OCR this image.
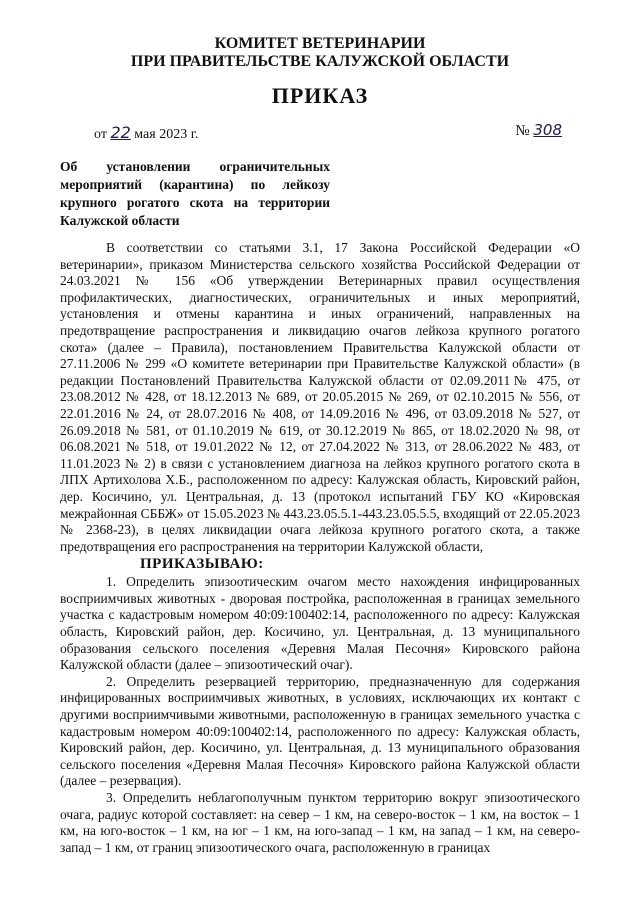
КОМИТЕТ ВЕТЕРИНАРИИ
ПРИ ПРАВИТЕЛЬСТВЕ КАЛУЖСКОЙ ОБЛАСТИ
ПРИКАЗ
от 22 мая 2023 г.	№ 308
Об установлении ограничительных мероприятий (карантина) по лейкозу крупного рогатого скота на территории Калужской области

В соответствии со статьями 3.1, 17 Закона Российской Федерации «О ветеринарии», приказом Министерства сельского хозяйства Российской Федерации от 24.03.2021 № 156 «Об утверждении Ветеринарных правил осуществления профилактических, диагностических, ограничительных и иных мероприятий, установления и отмены карантина и иных ограничений, направленных на предотвращение распространения и ликвидацию очагов лейкоза крупного рогатого скота» (далее – Правила), постановлением Правительства Калужской области от 27.11.2006 № 299 «О комитете ветеринарии при Правительстве Калужской области» (в редакции Постановлений Правительства Калужской области от 02.09.2011№ 475, от 23.08.2012 № 428, от 18.12.2013 № 689, от 20.05.2015 № 269, от 02.10.2015 № 556, от 22.01.2016 № 24, от 28.07.2016 № 408, от 14.09.2016 № 496, от 03.09.2018 № 527, от 26.09.2018 № 581, от 01.10.2019 № 619, от 30.12.2019 № 865, от 18.02.2020 № 98, от 06.08.2021 № 518, от 19.01.2022 № 12, от 27.04.2022 № 313, от 28.06.2022 № 483, от 11.01.2023 № 2) в связи с установлением диагноза на лейкоз крупного рогатого скота в ЛПХ Артихолова Х.Б., расположенном по адресу: Калужская область, Кировский район, дер. Косичино, ул. Центральная, д. 13 (протокол испытаний ГБУ КО «Кировская межрайонная СББЖ» от 15.05.2023 № 443.23.05.5.1-443.23.05.5.5, входящий от 22.05.2023 № 2368-23), в целях ликвидации очага лейкоза крупного рогатого скота, а также предотвращения его распространения на территории Калужской области,

ПРИКАЗЫВАЮ:

1. Определить эпизоотическим очагом место нахождения инфицированных восприимчивых животных - дворовая постройка, расположенная в границах земельного участка с кадастровым номером 40:09:100402:14, расположенного по адресу: Калужская область, Кировский район, дер. Косичино, ул. Центральная, д. 13 муниципального образования сельского поселения «Деревня Малая Песочня» Кировского района Калужской области (далее – эпизоотический очаг).

2. Определить резервацией территорию, предназначенную для содержания инфицированных восприимчивых животных, в условиях, исключающих их контакт с другими восприимчивыми животными, расположенную в границах земельного участка с кадастровым номером 40:09:100402:14, расположенного по адресу: Калужская область, Кировский район, дер. Косичино, ул. Центральная, д. 13 муниципального образования сельского поселения «Деревня Малая Песочня» Кировского района Калужской области (далее – резервация).

3. Определить неблагополучным пунктом территорию вокруг эпизоотического очага, радиус которой составляет: на север – 1 км, на северо-восток – 1 км, на восток – 1 км, на юго-восток – 1 км, на юг – 1 км, на юго-запад – 1 км, на запад – 1 км, на северо-запад – 1 км, от границ эпизоотического очага, расположенную в границах
